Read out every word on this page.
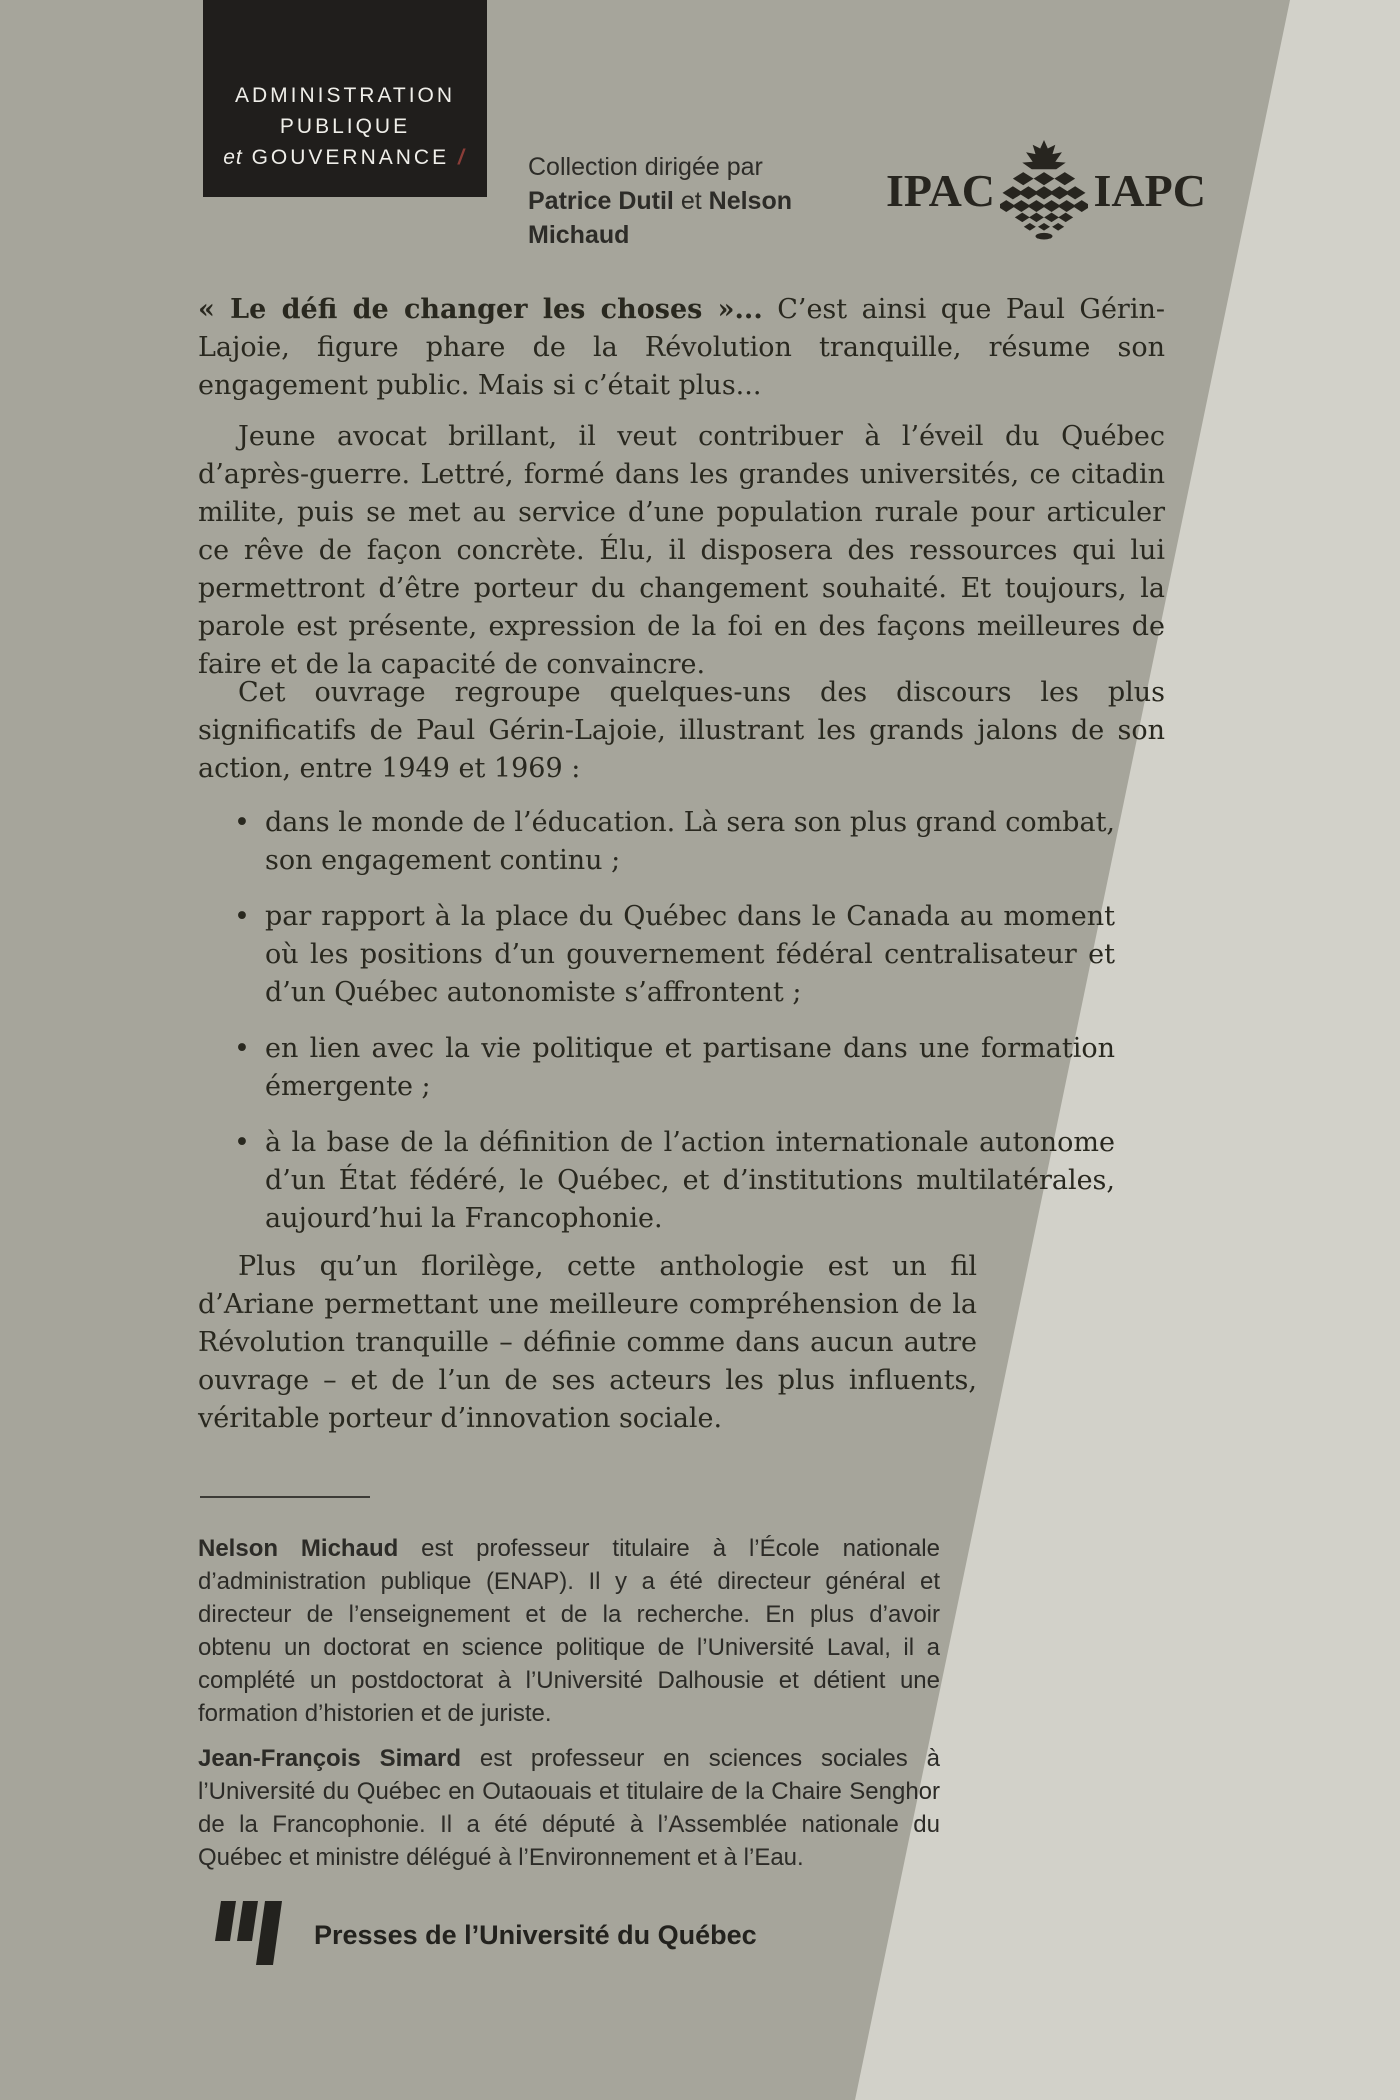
ADMINISTRATION
PUBLIQUE
et GOUVERNANCE / Collection dirigée par
Patrice Dutil et Nelson Michaud
IPAC IAPC

« Le défi de changer les choses »... C’est ainsi que Paul Gérin-Lajoie, figure phare de la Révolution tranquille, résume son engagement public. Mais si c’était plus...

Jeune avocat brillant, il veut contribuer à l’éveil du Québec d’après-guerre. Lettré, formé dans les grandes universités, ce citadin milite, puis se met au service d’une population rurale pour articuler ce rêve de façon concrète. Élu, il disposera des ressources qui lui permettront d’être porteur du changement souhaité. Et toujours, la parole est présente, expression de la foi en des façons meilleures de faire et de la capacité de convaincre.

Cet ouvrage regroupe quelques-uns des discours les plus significatifs de Paul Gérin-Lajoie, illustrant les grands jalons de son action, entre 1949 et 1969 :

• dans le monde de l’éducation. Là sera son plus grand combat, son engagement continu ;
• par rapport à la place du Québec dans le Canada au moment où les positions d’un gouvernement fédéral centralisateur et d’un Québec autonomiste s’affrontent ;
• en lien avec la vie politique et partisane dans une formation émergente ;
• à la base de la définition de l’action internationale autonome d’un État fédéré, le Québec, et d’institutions multilatérales, aujourd’hui la Francophonie.

Plus qu’un florilège, cette anthologie est un fil d’Ariane permettant une meilleure compréhension de la Révolution tranquille – définie comme dans aucun autre ouvrage – et de l’un de ses acteurs les plus influents, véritable porteur d’innovation sociale.

Nelson Michaud est professeur titulaire à l’École nationale d’administration publique (ENAP). Il y a été directeur général et directeur de l’enseignement et de la recherche. En plus d’avoir obtenu un doctorat en science politique de l’Université Laval, il a complété un postdoctorat à l’Université Dalhousie et détient une formation d’historien et de juriste.

Jean-François Simard est professeur en sciences sociales à l’Université du Québec en Outaouais et titulaire de la Chaire Senghor de la Francophonie. Il a été député à l’Assemblée nationale du Québec et ministre délégué à l’Environnement et à l’Eau.

Presses de l’Université du Québec
